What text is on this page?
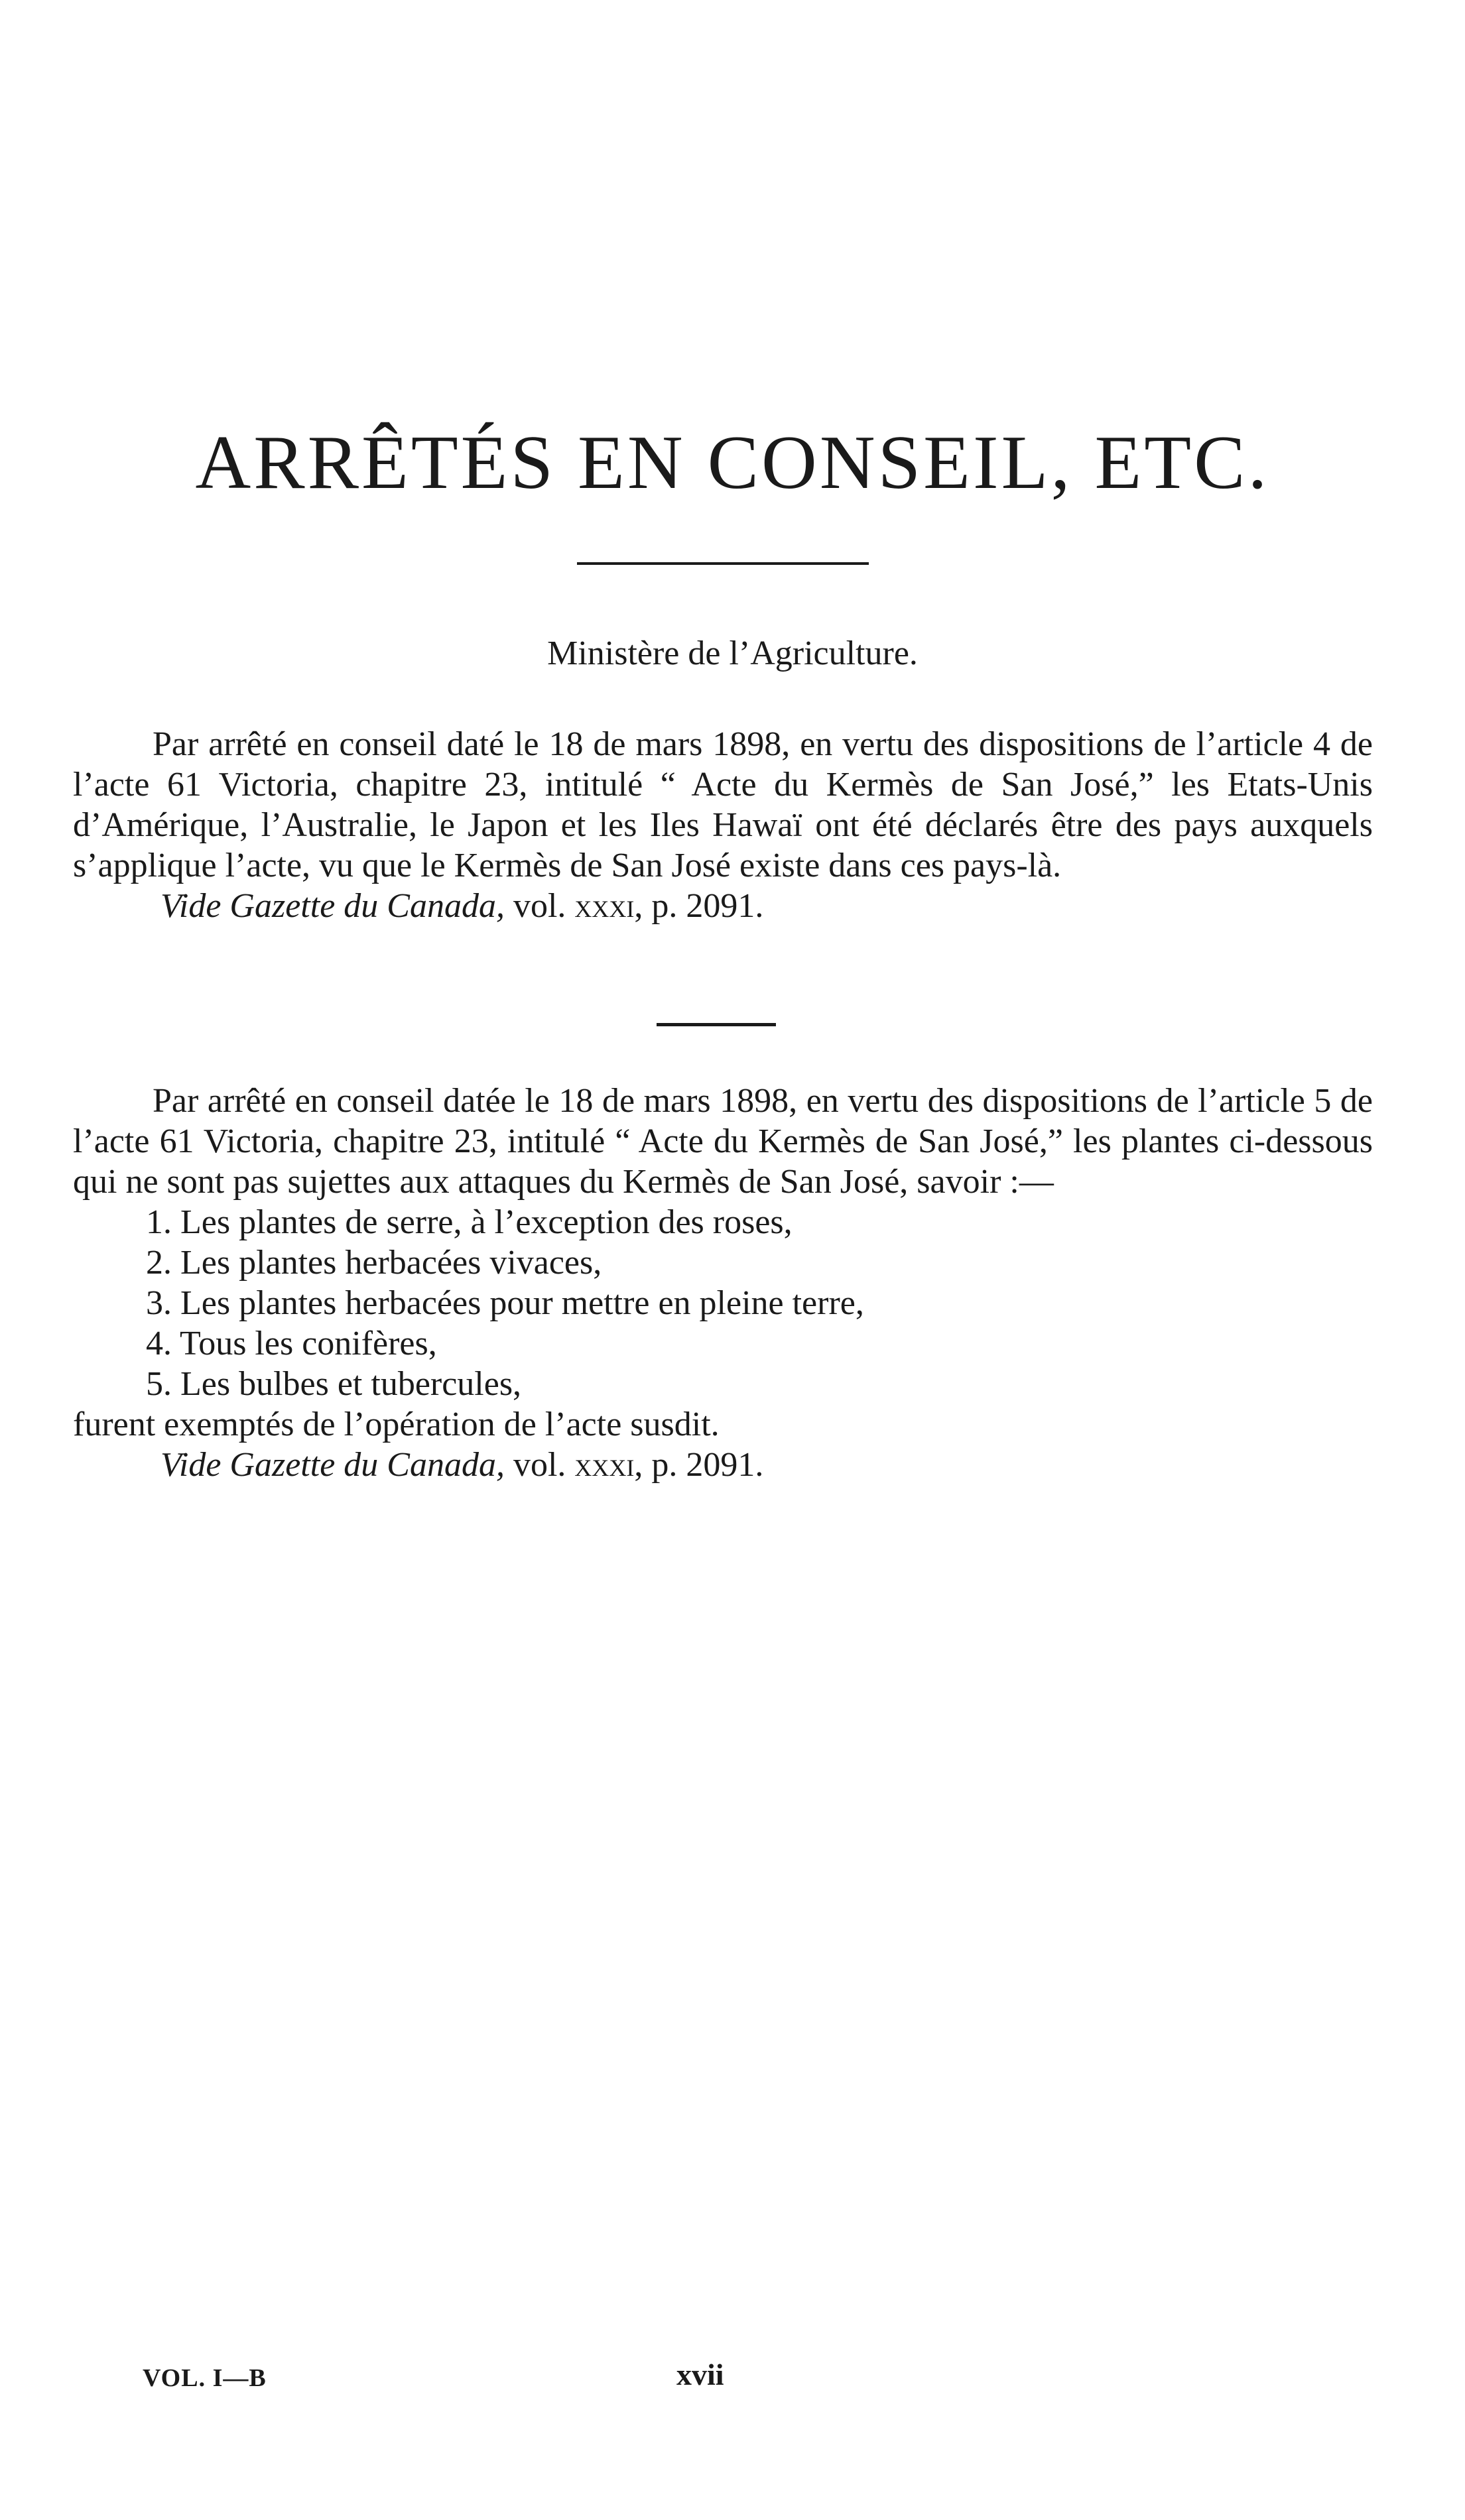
ARRÊTÉS EN CONSEIL, ETC.
Ministère de l’Agriculture.

Par arrêté en conseil daté le 18 de mars 1898, en vertu des dispositions de l’article 4 de l’acte 61 Victoria, chapitre 23, intitulé “ Acte du Kermès de San José,” les Etats-Unis d’Amérique, l’Australie, le Japon et les Iles Hawaï ont été déclarés être des pays auxquels s’applique l’acte, vu que le Kermès de San José existe dans ces pays-là.

Vide Gazette du Canada, vol. xxxi, p. 2091.

Par arrêté en conseil datée le 18 de mars 1898, en vertu des dispositions de l’article 5 de l’acte 61 Victoria, chapitre 23, intitulé “ Acte du Kermès de San José,” les plantes ci-dessous qui ne sont pas sujettes aux attaques du Kermès de San José, savoir :—

1. Les plantes de serre, à l’exception des roses,

2. Les plantes herbacées vivaces,

3. Les plantes herbacées pour mettre en pleine terre,

4. Tous les conifères,

5. Les bulbes et tubercules,

furent exemptés de l’opération de l’acte susdit.

Vide Gazette du Canada, vol. xxxi, p. 2091.

VOL. I—B	xvii
